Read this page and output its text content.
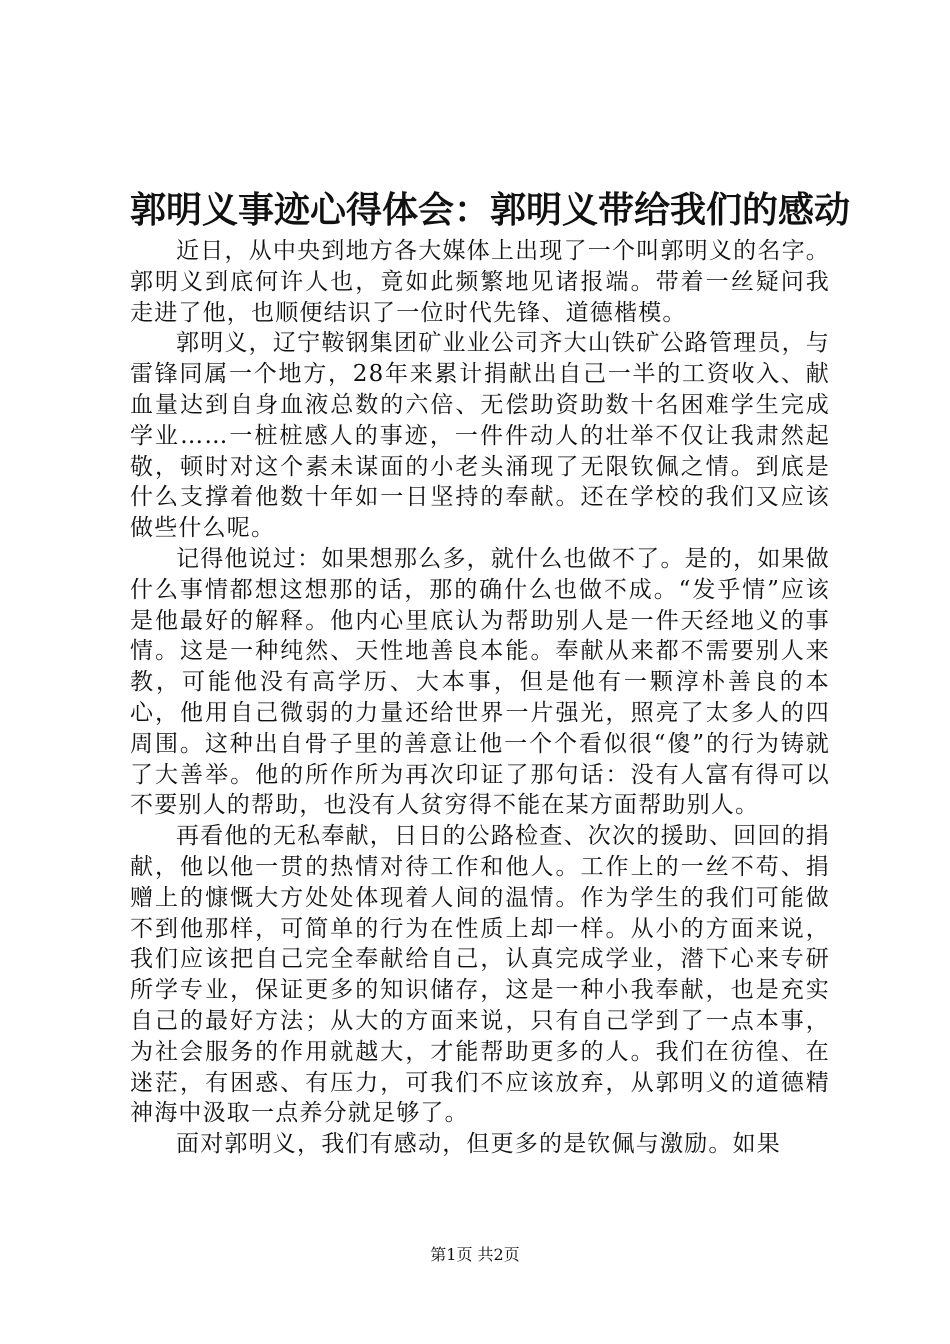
郭明义事迹心得体会：郭明义带给我们的感动

近日，从中央到地方各大媒体上出现了一个叫郭明义的名字。郭明义到底何许人也，竟如此频繁地见诸报端。带着一丝疑问我走进了他，也顺便结识了一位时代先锋、道德楷模。

郭明义，辽宁鞍钢集团矿业业公司齐大山铁矿公路管理员，与雷锋同属一个地方，28年来累计捐献出自己一半的工资收入、献血量达到自身血液总数的六倍、无偿助资助数十名困难学生完成学业……一桩桩感人的事迹，一件件动人的壮举不仅让我肃然起敬，顿时对这个素未谋面的小老头涌现了无限钦佩之情。到底是什么支撑着他数十年如一日坚持的奉献。还在学校的我们又应该做些什么呢。

记得他说过：如果想那么多，就什么也做不了。是的，如果做什么事情都想这想那的话，那的确什么也做不成。“发乎情”应该是他最好的解释。他内心里底认为帮助别人是一件天经地义的事情。这是一种纯然、天性地善良本能。奉献从来都不需要别人来教，可能他没有高学历、大本事，但是他有一颗淳朴善良的本心，他用自己微弱的力量还给世界一片强光，照亮了太多人的四周围。这种出自骨子里的善意让他一个个看似很“傻”的行为铸就了大善举。他的所作所为再次印证了那句话：没有人富有得可以不要别人的帮助，也没有人贫穷得不能在某方面帮助别人。

再看他的无私奉献，日日的公路检查、次次的援助、回回的捐献，他以他一贯的热情对待工作和他人。工作上的一丝不苟、捐赠上的慷慨大方处处体现着人间的温情。作为学生的我们可能做不到他那样，可简单的行为在性质上却一样。从小的方面来说，我们应该把自己完全奉献给自己，认真完成学业，潜下心来专研所学专业，保证更多的知识储存，这是一种小我奉献，也是充实自己的最好方法；从大的方面来说，只有自己学到了一点本事，为社会服务的作用就越大，才能帮助更多的人。我们在彷徨、在迷茫，有困惑、有压力，可我们不应该放弃，从郭明义的道德精神海中汲取一点养分就足够了。

面对郭明义，我们有感动，但更多的是钦佩与激励。如果

第1页 共2页
